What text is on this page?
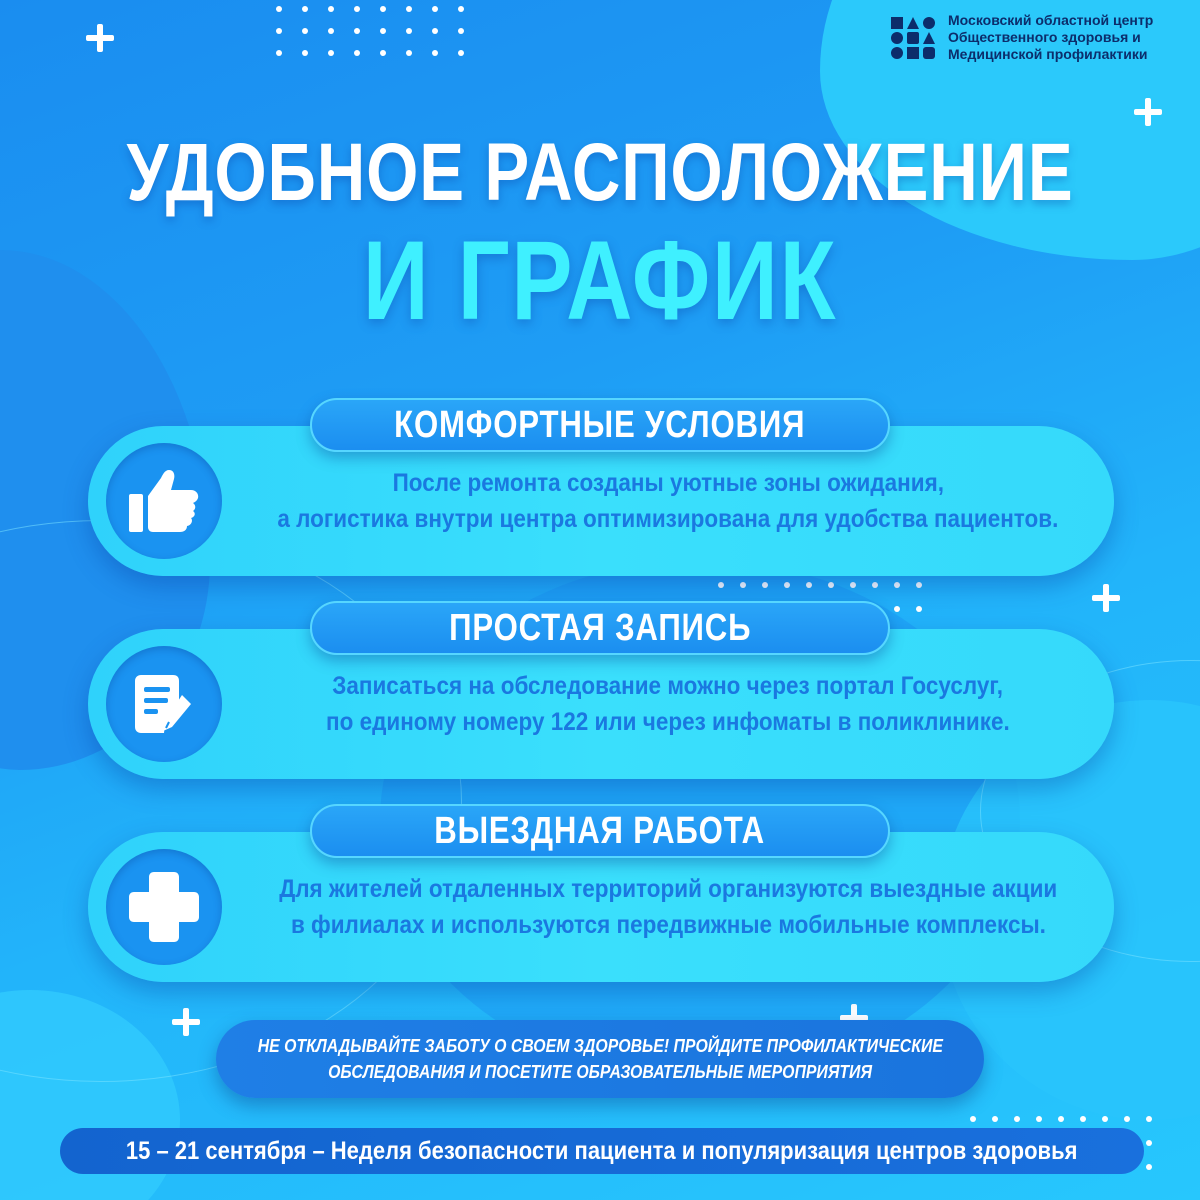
Московский областной центр
Общественного здоровья и
Медицинской профилактики
УДОБНОЕ РАСПОЛОЖЕНИЕ
И ГРАФИК
После ремонта созданы уютные зоны ожидания,
а логистика внутри центра оптимизирована для удобства пациентов.
КОМФОРТНЫЕ УСЛОВИЯ
Записаться на обследование можно через портал Госуслуг,
по единому номеру 122 или через инфоматы в поликлинике.
ПРОСТАЯ ЗАПИСЬ
Для жителей отдаленных территорий организуются выездные акции
в филиалах и используются передвижные мобильные комплексы.
ВЫЕЗДНАЯ РАБОТА
НЕ ОТКЛАДЫВАЙТЕ ЗАБОТУ О СВОЕМ ЗДОРОВЬЕ! ПРОЙДИТЕ ПРОФИЛАКТИЧЕСКИЕ
ОБСЛЕДОВАНИЯ И ПОСЕТИТЕ ОБРАЗОВАТЕЛЬНЫЕ МЕРОПРИЯТИЯ
15 – 21 сентября – Неделя безопасности пациента и популяризация центров здоровья
